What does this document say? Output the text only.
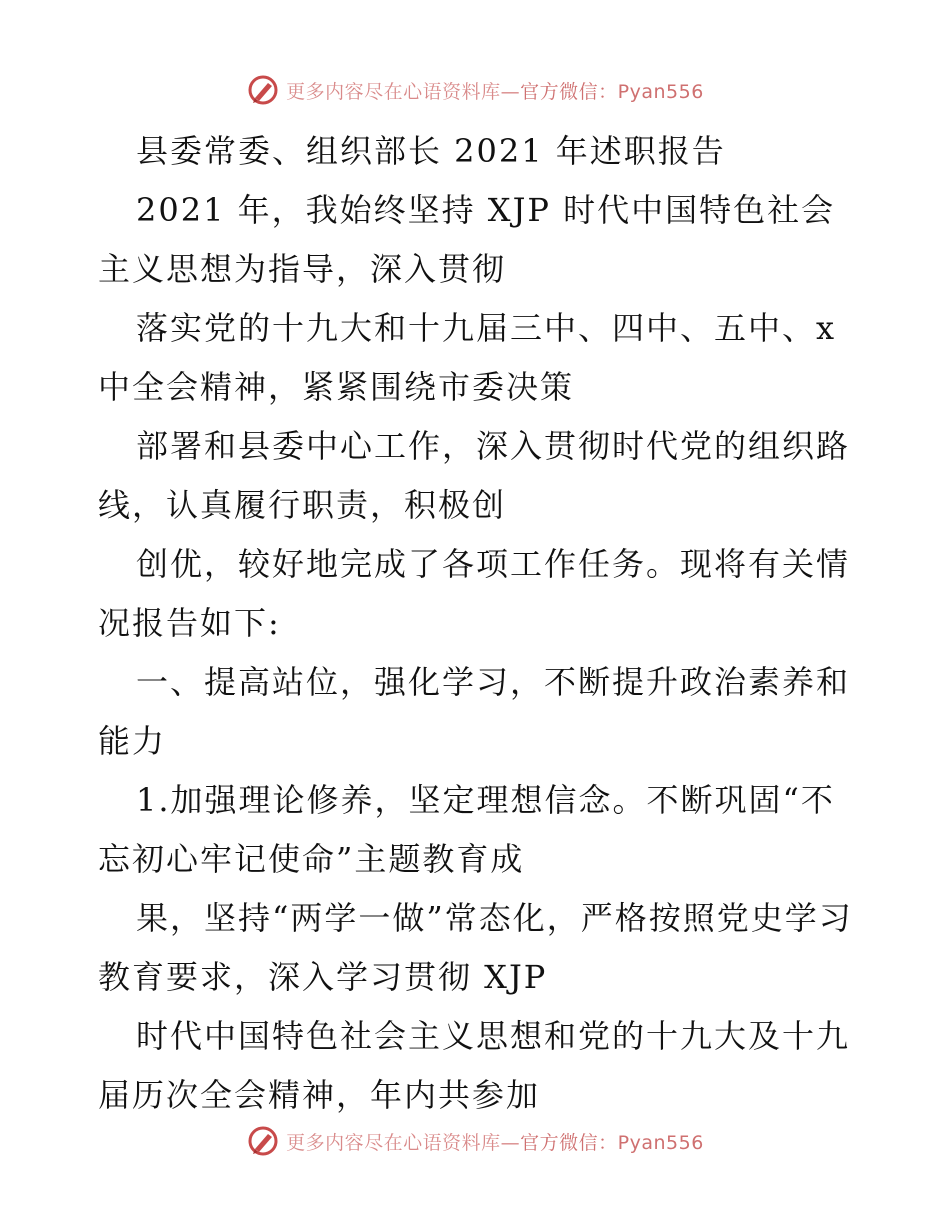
更多内容尽在心语资料库—官方微信：Pyan556

县委常委、组织部长 2021 年述职报告

2021 年，我始终坚持 XJP 时代中国特色社会主义思想为指导，深入贯彻

落实党的十九大和十九届三中、四中、五中、x 中全会精神，紧紧围绕市委决策

部署和县委中心工作，深入贯彻时代党的组织路线，认真履行职责，积极创

创优，较好地完成了各项工作任务。现将有关情况报告如下:

一、提高站位，强化学习，不断提升政治素养和能力

1.加强理论修养，坚定理想信念。不断巩固“不忘初心牢记使命”主题教育成

果，坚持“两学一做”常态化，严格按照党史学习教育要求，深入学习贯彻 XJP

时代中国特色社会主义思想和党的十九大及十九届历次全会精神，年内共参加

更多内容尽在心语资料库—官方微信：Pyan556
